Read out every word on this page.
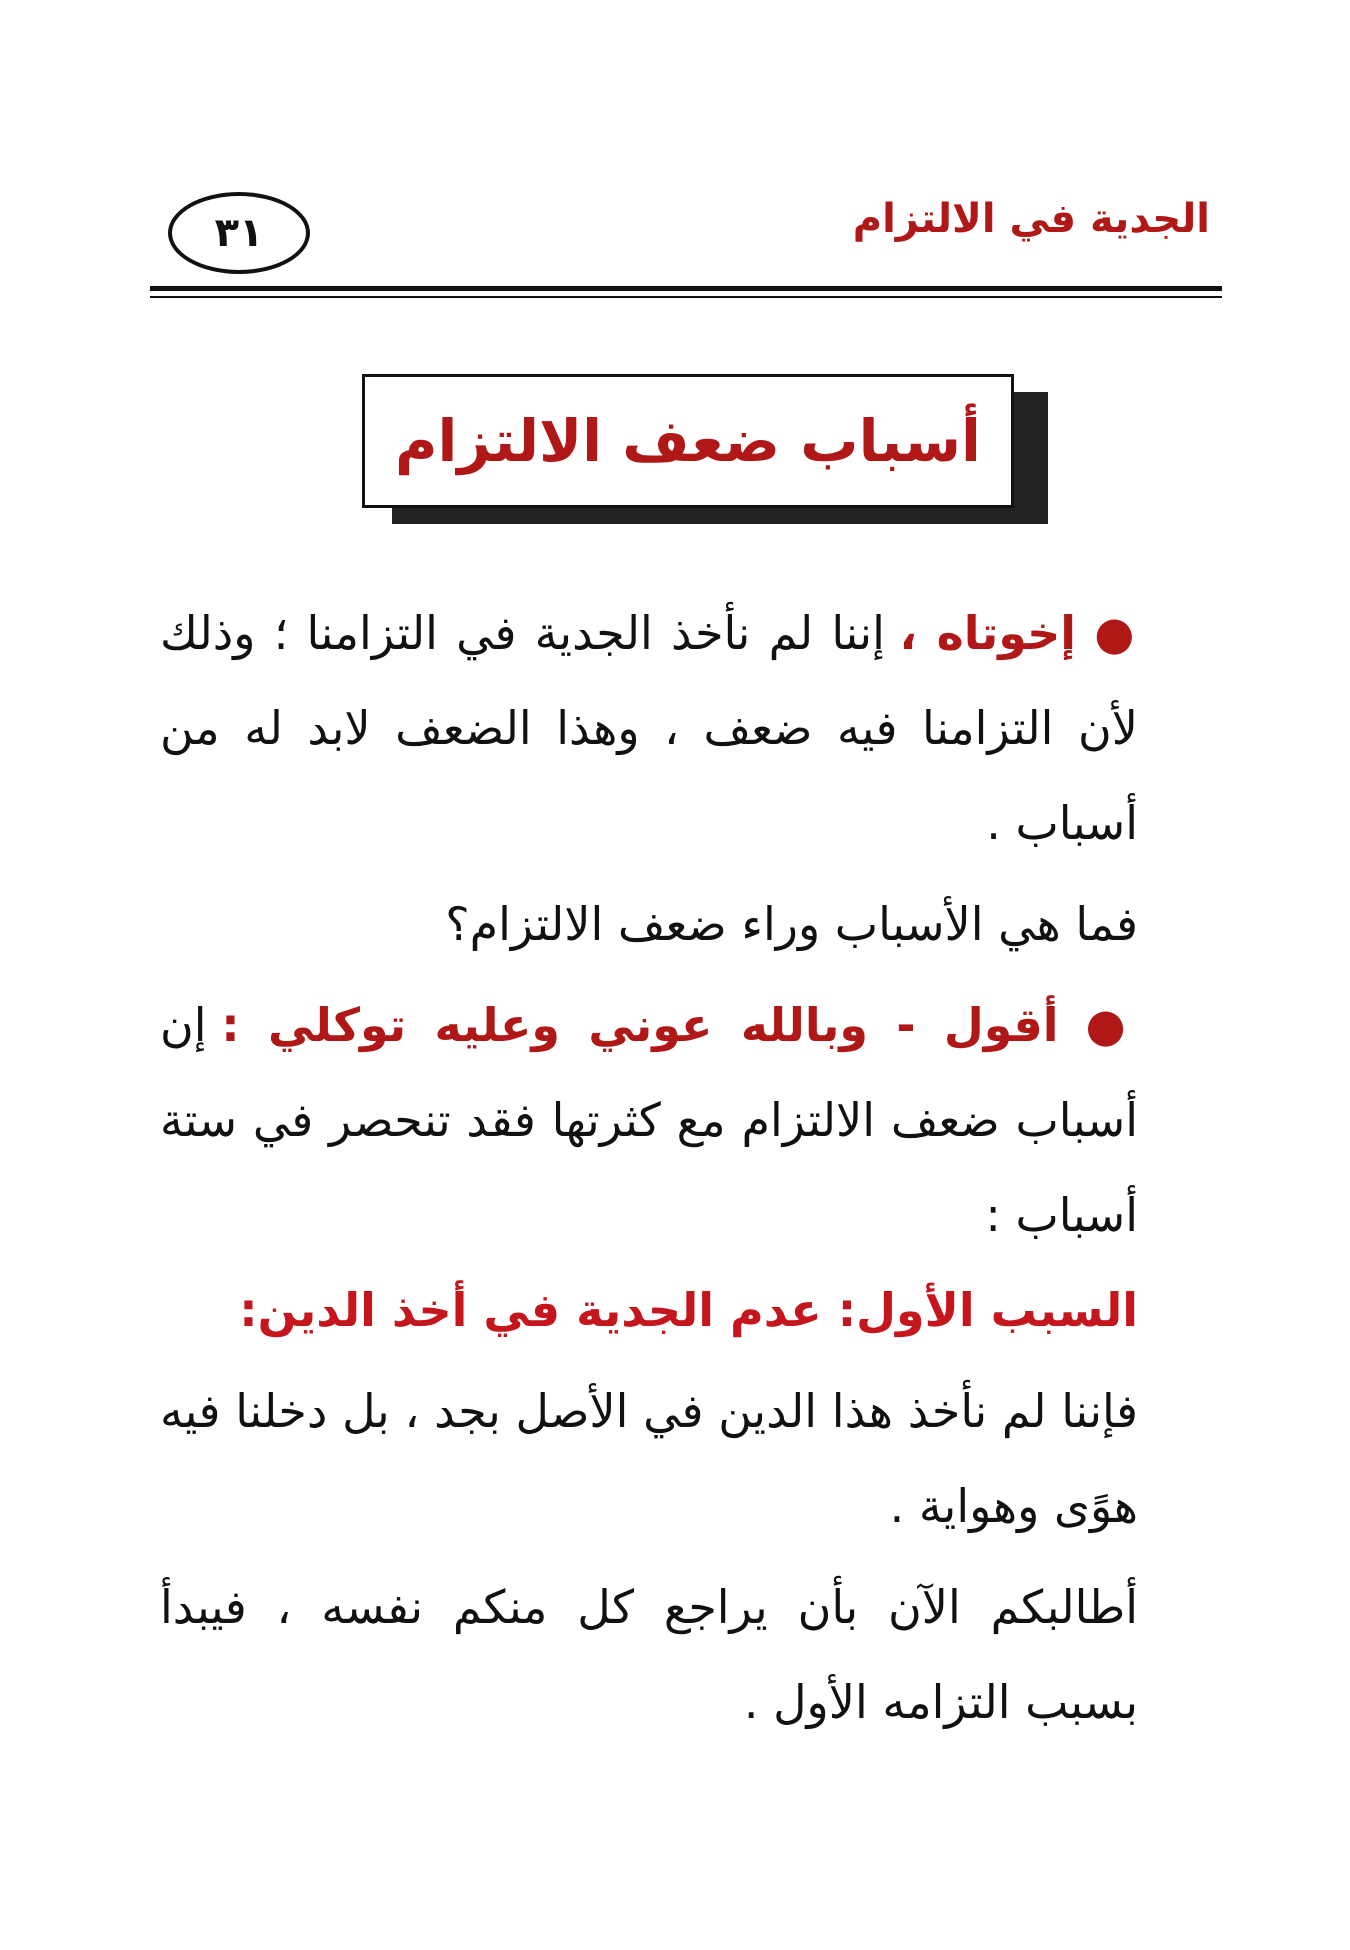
الجدية في الالتزام
٣١
أسباب ضعف الالتزام

● إخوتاه ، إننا لم نأخذ الجدية في التزامنا ؛ وذلك لأن التزامنا فيه ضعف ، وهذا الضعف لابد له من أسباب .

فما هي الأسباب وراء ضعف الالتزام؟

● أقول - وبالله عوني وعليه توكلي : إن أسباب ضعف الالتزام مع كثرتها فقد تنحصر في ستة أسباب :

السبب الأول: عدم الجدية في أخذ الدين:

فإننا لم نأخذ هذا الدين في الأصل بجد ، بل دخلنا فيه هوًى وهواية .

أطالبكم الآن بأن يراجع كل منكم نفسه ، فيبدأ بسبب التزامه الأول .
